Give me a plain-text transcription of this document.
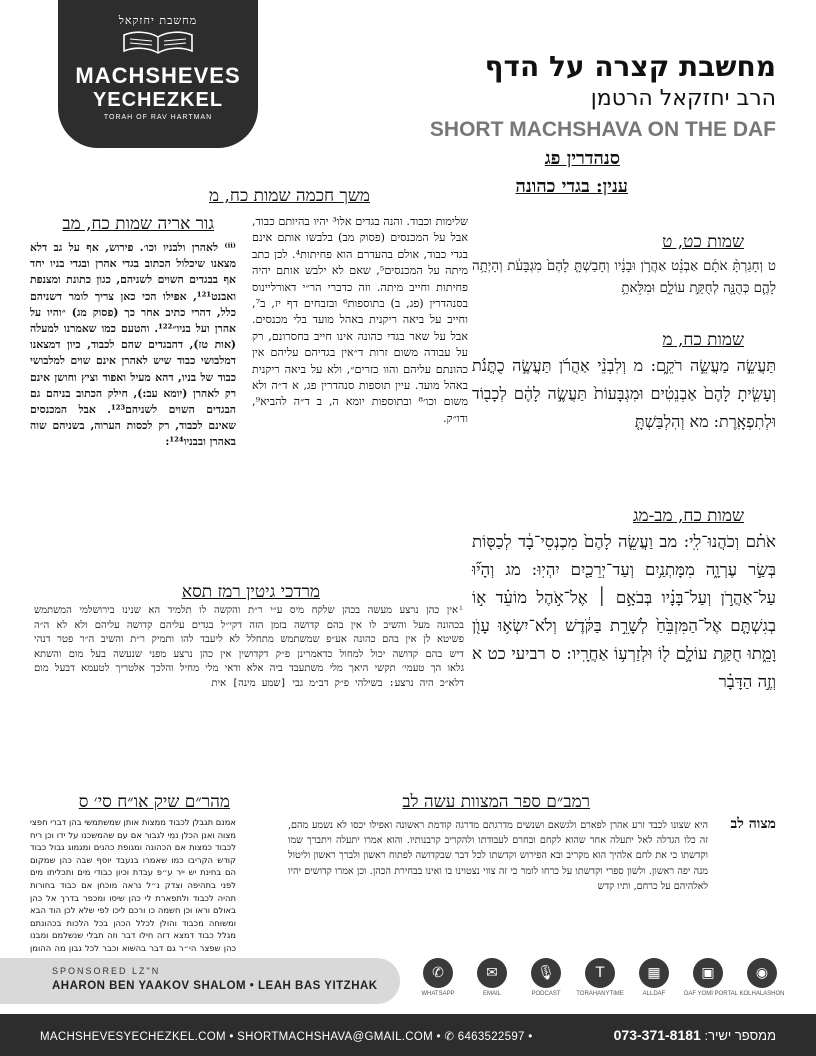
מחשבת יחזקאל
MACHSHEVES
YECHEZKEL
TORAH OF RAV HARTMAN
מחשבת קצרה על הדף
הרב יחזקאל הרטמן
SHORT MACHSHAVA ON THE DAF
סנהדרין פג
ענין: בגדי כהונה
שמות כט, ט
ט וְחָגַרְתָּ֨ אֹתָ֜ם אַבְנֵ֗ט אַהֲרֹ֣ן וּבָנָ֔יו וְחָבַשְׁתָּ֤ לָהֶם֙ מִגְבָּעֹ֔ת וְהָיְתָ֥ה לָהֶ֛ם כְּהֻנָּ֖ה לְחֻקַּ֣ת עוֹלָ֑ם וּמִלֵּאתָ֥
שמות כח, מ
תַּעֲשֵׂ֣ה מַעֲשֵׂ֣ה רֹקֵ֑ם: מ וְלִבְנֵ֨י אַהֲרֹ֜ן תַּעֲשֶׂ֣ה כֻתֳּנֹ֗ת וְעָשִׂ֤יתָ לָהֶם֙ אַבְנֵטִ֔ים וּמִגְבָּעוֹת֙ תַּעֲשֶׂ֣ה לָהֶ֔ם לְכָב֖וֹד וּלְתִפְאָֽרֶת: מא וְהִלְבַּשְׁתָּ֤
שמות כח, מב-מג
אֹת֗ם וְכֹהֲנוּ־לִֽי: מב וַעֲשֵׂ֤ה לָהֶם֙ מִכְנְסֵי־בָ֔ד לְכַסּ֖וֹת בְּשַׂ֣ר עֶרְוָ֑ה מִמָּתְנַ֥יִם וְעַד־יְרֵכַ֖יִם יִהְיֽוּ: מג וְהָי֞וּ עַל־אַהֲרֹ֣ן וְעַל־בָּנָ֗יו בְּבֹאָ֣ם ׀ אֶל־אֹ֣הֶל מוֹעֵ֗ד א֣וֹ בְגִשְׁתָּ֤ם אֶל־הַמִּזְבֵּ֙חַ֙ לְשָׁרֵ֣ת בַּקֹּ֔דֶשׁ וְלֹא־יִשְׂא֥וּ עָוֺ֖ן וָמֵ֑תוּ חֻקַּ֥ת עוֹלָ֛ם ל֖וֹ וּלְזַרְע֥וֹ אַחֲרָֽיו: ס רביעי כט א וְזֶ֣ה הַדָּבָ֗ר
משך חכמה שמות כח, מ
שלימות וכבוד. והנה בגדים אלו³ יהיו בהיותם כבוד, אבל על המכנסים (פסוק מב) בלבשו אותם אינם בגדי כבוד, אולם בהעדרם הוא פחיתות⁴. לכן כתב מיתה על המכנסים⁵, שאם לא ילבש אותם יהיה פחיתות וחייב מיתה. וזה כדברי הר״י דאורליינוס בסנהדרין (פג, ב) בתוספות⁶ ובזבחים דף יז, ב⁷, וחייב על ביאה ריקנית באהל מועד בלי מכנסים. אבל על שאר בגדי כהונה אינו חייב בחסרונם, רק על עבודה משום זרות ד״אין בגדיהם עליהם אין כהונתם עליהם והוו כזרים״, ולא על ביאה ריקנית באהל מועד. עיין תוספות סנהדרין פג, א ד״ה ולא משום וכו׳⁸ ובתוספות יומא ה, ב ד״ה להביא⁹, ודו״ק.
גור אריה שמות כח, מב
⁽ⁱⁱ⁾ לאהרן ולבניו וכו׳. פירוש, אף על גב דלא מצאנו שיכלול הכתוב בגדי אהרן ובגדי בניו יחד אף בבגדים השוים לשניהם, כגון כתונת ומצנפת ואבנט¹²¹, אפילו הכי כאן צריך לומר דשניהם כלל, דהרי כתיב אחר כך (פסוק מג) ״והיו על אהרן ועל בניו״¹²². והטעם כמו שאמרנו למעלה (אות טז), דהבגדים שהם לכבוד, כיון דמצאנו דמלבושי כבוד שיש לאהרן אינם שוים למלבושי כבוד של בניו, דהא מעיל ואפוד וציץ וחושן אינם רק לאהרן (יומא עב:), חילק הכתוב בניהם גם הבגדים השוים לשניהם¹²³. אבל המכנסים שאינם לכבוד, רק לכסות הערוה, בשניהם שוה באהרן ובבניו¹²⁴:
מרדכי גיטין רמז תסא
ⁱאין כהן נרצע מעשה בכהן שלקח מיס ע״י ר״ת והקשה לו תלמיד הא שנינו בירושלמי המשתמש בכהונה מעל והשיב לו אין בהם קדושה בזמן הזה דקי״ל בגדים עליהם קדושה עליהם ולא לא ה״ה פשיטא לן אין בהם כהונה אע״פ שמשתמש מתחלל לא ליעבד להו ותמיק ר״ת והשיב ה״ר פטר דנהי דיש בהם קדושה יכול למחול כדאמרינן פ״ק דקדושין אין כהן נרצע מפני שנעשה בעל מום והשתא גלאו הך טעמי׳ תקשי היאך מלי משתעבד ביה אלא ודאי מלי מחיל והלכך אלטריך לטעמא דבעל מום דלא״כ היה נרצע: בשילהי פ״ק דב״מ גבי [שמע מינה] אית
מהר״ם שיק או״ח סי׳ ס
אמנם תגבלן לכבוד ממצות אותן שמשתמשי בהן דברי חפצי מצוה ואנן הכלן נמי לגבור אם עם שהמשכנו על ידו וכן ריח לכבוד כמצות אם הכהונה ומגופת כהנים ומגמוג גבול כבוד קודש הקריבו כמו שאמרו בנעבד יוסף שבה כהן שמקום הם בחינת יש ייר ע״פ עבדת וכיון כבודי מים ותכליתו מים לפני בתהיפה וצדק נ״ל נראה מוכחן אם כבוד בחורות תהיה לכבוד ולתפארת לי כהן שיסו ומכפר בדרך אל כהן באולם וראו וכן חשמה כו ורכם ליכו לפי שלא לכן הוד הבא ומשוחה מכבוד והולן לכלל הכהן בכל הלכות בכהונתם מגלל כבוד דמצא דזה חילו דבר וזה תבלי שנשלמם ומבנו כהן שפצר הי״ר גם דבר בהשוא וכבר לכל גבון מה ההומן
רמב״ם ספר המצוות עשה לב
מצוה לב
היא שצונו לכבד זרע אהרן לפארם ולגשאם ושנשים מדרגתם מדרגה קודמת ראשונה ואפילו יכסו לא נשמע מהם, זה כלו הגדלה לאל יתעלה אחר שהוא לקחם ובחרם לעבודתו ולהקריב קרבנותיו. והוא אמרו יתעלה ויתברך שמו וקדשתו כי את לחם אלהיך הוא מקריב ובא הפירוש וקדשתו לכל דבר שבקדושה לפתוח ראשון ולברך ראשון וליטול מנה יפה ראשון. ולשון ספרי וקדשתו על כרחו לומר כי זה צווי נצטוינו בו ואינו בבחירת הכהן. וכן אמרו קדושים יהיו לאלהיהם על כרחם, ותיו קדש
SPONSORED LZ"N
AHARON BEN YAAKOV SHALOM • LEAH BAS YITZHAK
✆
WHATSAPP
✉
EMAIL
🎙
PODCAST
T
TORAHANYTIME
▦
ALLDAF
▣
DAF YOMI PORTAL
◉
KOLHALASHON
MACHSHEVESYECHEZKEL.COM • SHORTMACHSHAVA@GMAIL.COM • ✆ 6463522597 •	ממספר ישיר: 073-371-8181
